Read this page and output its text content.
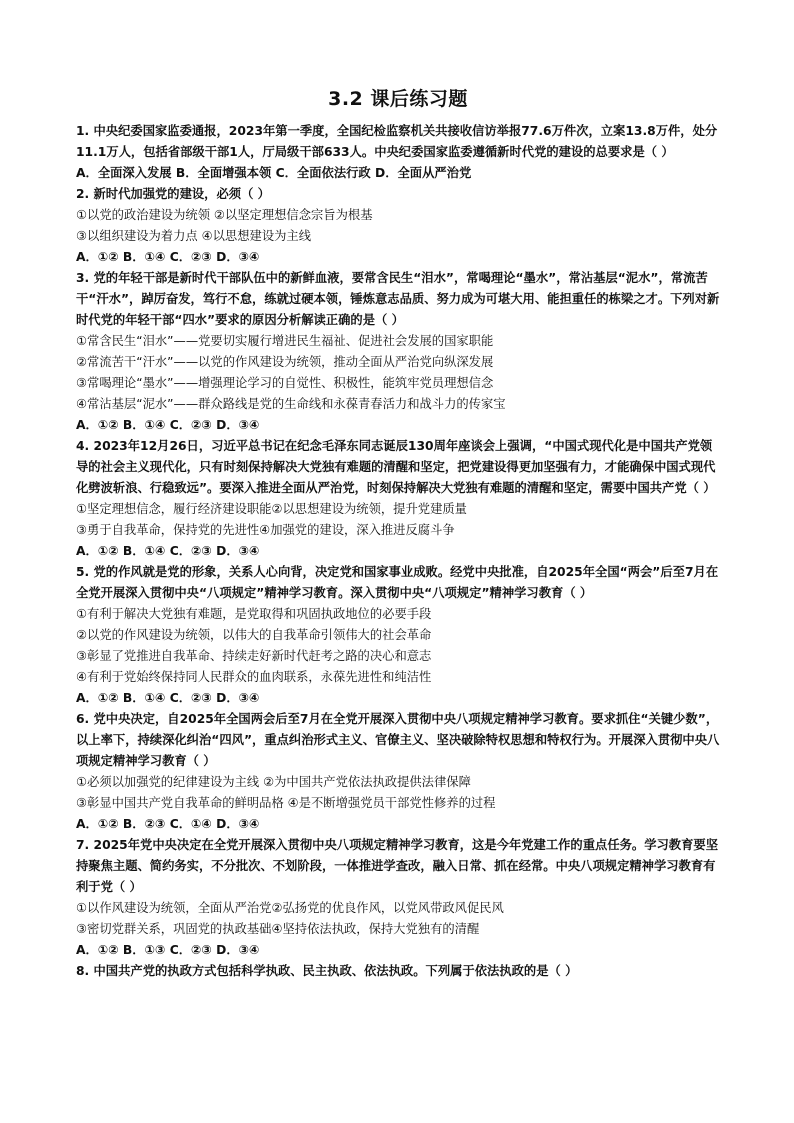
3.2 课后练习题

1. 中央纪委国家监委通报，2023年第一季度，全国纪检监察机关共接收信访举报77.6万件次，立案13.8万件，处分11.1万人，包括省部级干部1人，厅局级干部633人。中央纪委国家监委遵循新时代党的建设的总要求是（ ）

A．全面深入发展 B．全面增强本领 C．全面依法行政 D．全面从严治党

2. 新时代加强党的建设，必须（ ）

①以党的政治建设为统领 ②以坚定理想信念宗旨为根基

③以组织建设为着力点 ④以思想建设为主线

A．①② B．①④ C．②③ D．③④

3. 党的年轻干部是新时代干部队伍中的新鲜血液，要常含民生“泪水”，常喝理论“墨水”，常沾基层“泥水”，常流苦干“汗水”，踔厉奋发，笃行不怠，练就过硬本领，锤炼意志品质、努力成为可堪大用、能担重任的栋梁之才。下列对新时代党的年轻干部“四水”要求的原因分析解读正确的是（ ）

①常含民生“泪水”——党要切实履行增进民生福祉、促进社会发展的国家职能

②常流苦干“汗水”——以党的作风建设为统领，推动全面从严治党向纵深发展

③常喝理论“墨水”——增强理论学习的自觉性、积极性，能筑牢党员理想信念

④常沾基层“泥水”——群众路线是党的生命线和永葆青春活力和战斗力的传家宝

A．①② B．①④ C．②③ D．③④

4. 2023年12月26日，习近平总书记在纪念毛泽东同志诞辰130周年座谈会上强调，“中国式现代化是中国共产党领导的社会主义现代化，只有时刻保持解决大党独有难题的清醒和坚定，把党建设得更加坚强有力，才能确保中国式现代化劈波斩浪、行稳致远”。要深入推进全面从严治党，时刻保持解决大党独有难题的清醒和坚定，需要中国共产党（ ）

①坚定理想信念，履行经济建设职能②以思想建设为统领，提升党建质量

③勇于自我革命，保持党的先进性④加强党的建设，深入推进反腐斗争

A．①② B．①④ C．②③ D．③④

5. 党的作风就是党的形象，关系人心向背，决定党和国家事业成败。经党中央批准，自2025年全国“两会”后至7月在全党开展深入贯彻中央“八项规定”精神学习教育。深入贯彻中央“八项规定”精神学习教育（ ）

①有利于解决大党独有难题，是党取得和巩固执政地位的必要手段

②以党的作风建设为统领，以伟大的自我革命引领伟大的社会革命

③彰显了党推进自我革命、持续走好新时代赶考之路的决心和意志

④有利于党始终保持同人民群众的血肉联系，永葆先进性和纯洁性

A．①② B．①④ C．②③ D．③④

6. 党中央决定，自2025年全国两会后至7月在全党开展深入贯彻中央八项规定精神学习教育。要求抓住“关键少数”，以上率下，持续深化纠治“四风”，重点纠治形式主义、官僚主义、坚决破除特权思想和特权行为。开展深入贯彻中央八项规定精神学习教育（ ）

①必须以加强党的纪律建设为主线 ②为中国共产党依法执政提供法律保障

③彰显中国共产党自我革命的鲜明品格 ④是不断增强党员干部党性修养的过程

A．①② B．②③ C．①④ D．③④

7. 2025年党中央决定在全党开展深入贯彻中央八项规定精神学习教育，这是今年党建工作的重点任务。学习教育要坚持聚焦主题、简约务实，不分批次、不划阶段，一体推进学查改，融入日常、抓在经常。中央八项规定精神学习教育有利于党（ ）

①以作风建设为统领，全面从严治党②弘扬党的优良作风，以党风带政风促民风

③密切党群关系，巩固党的执政基础④坚持依法执政，保持大党独有的清醒

A．①② B．①③ C．②③ D．③④

8. 中国共产党的执政方式包括科学执政、民主执政、依法执政。下列属于依法执政的是（ ）
